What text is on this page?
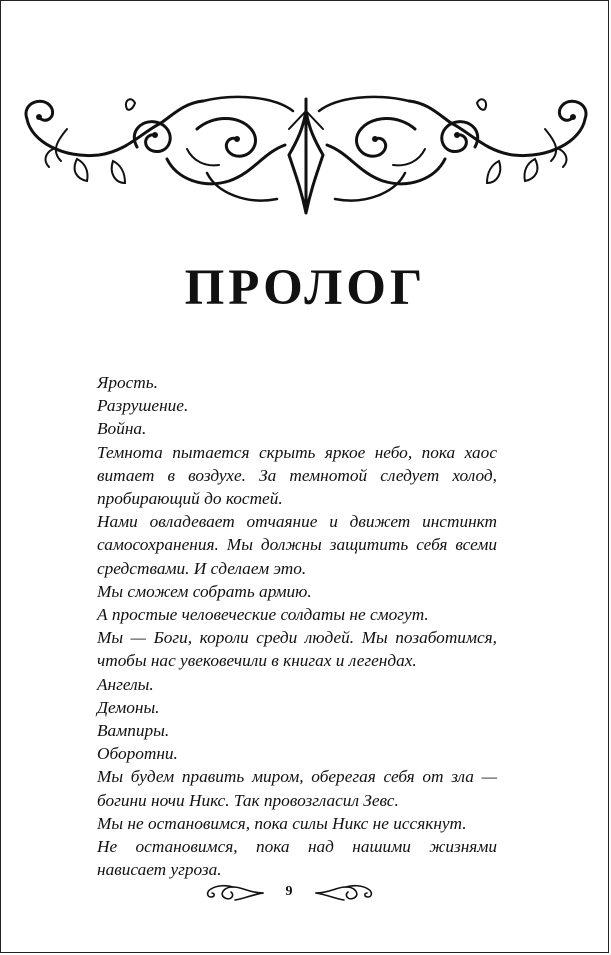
ПРОЛОГ

Ярость.

Разрушение.

Война.

Темнота пытается скрыть яркое небо, пока хаос витает в воздухе. За темнотой следует холод, пробирающий до костей.

Нами овладевает отчаяние и движет инстинкт самосохранения. Мы должны защитить себя всеми средствами. И сделаем это.

Мы сможем собрать армию.

А простые человеческие солдаты не смогут.

Мы — Боги, короли среди людей. Мы позаботимся, чтобы нас увековечили в книгах и легендах.

Ангелы.

Демоны.

Вампиры.

Оборотни.

Мы будем править миром, оберегая себя от зла — богини ночи Никс. Так провозгласил Зевс.

Мы не остановимся, пока силы Никс не иссякнут.

Не остановимся, пока над нашими жизнями нависает угроза.

9
